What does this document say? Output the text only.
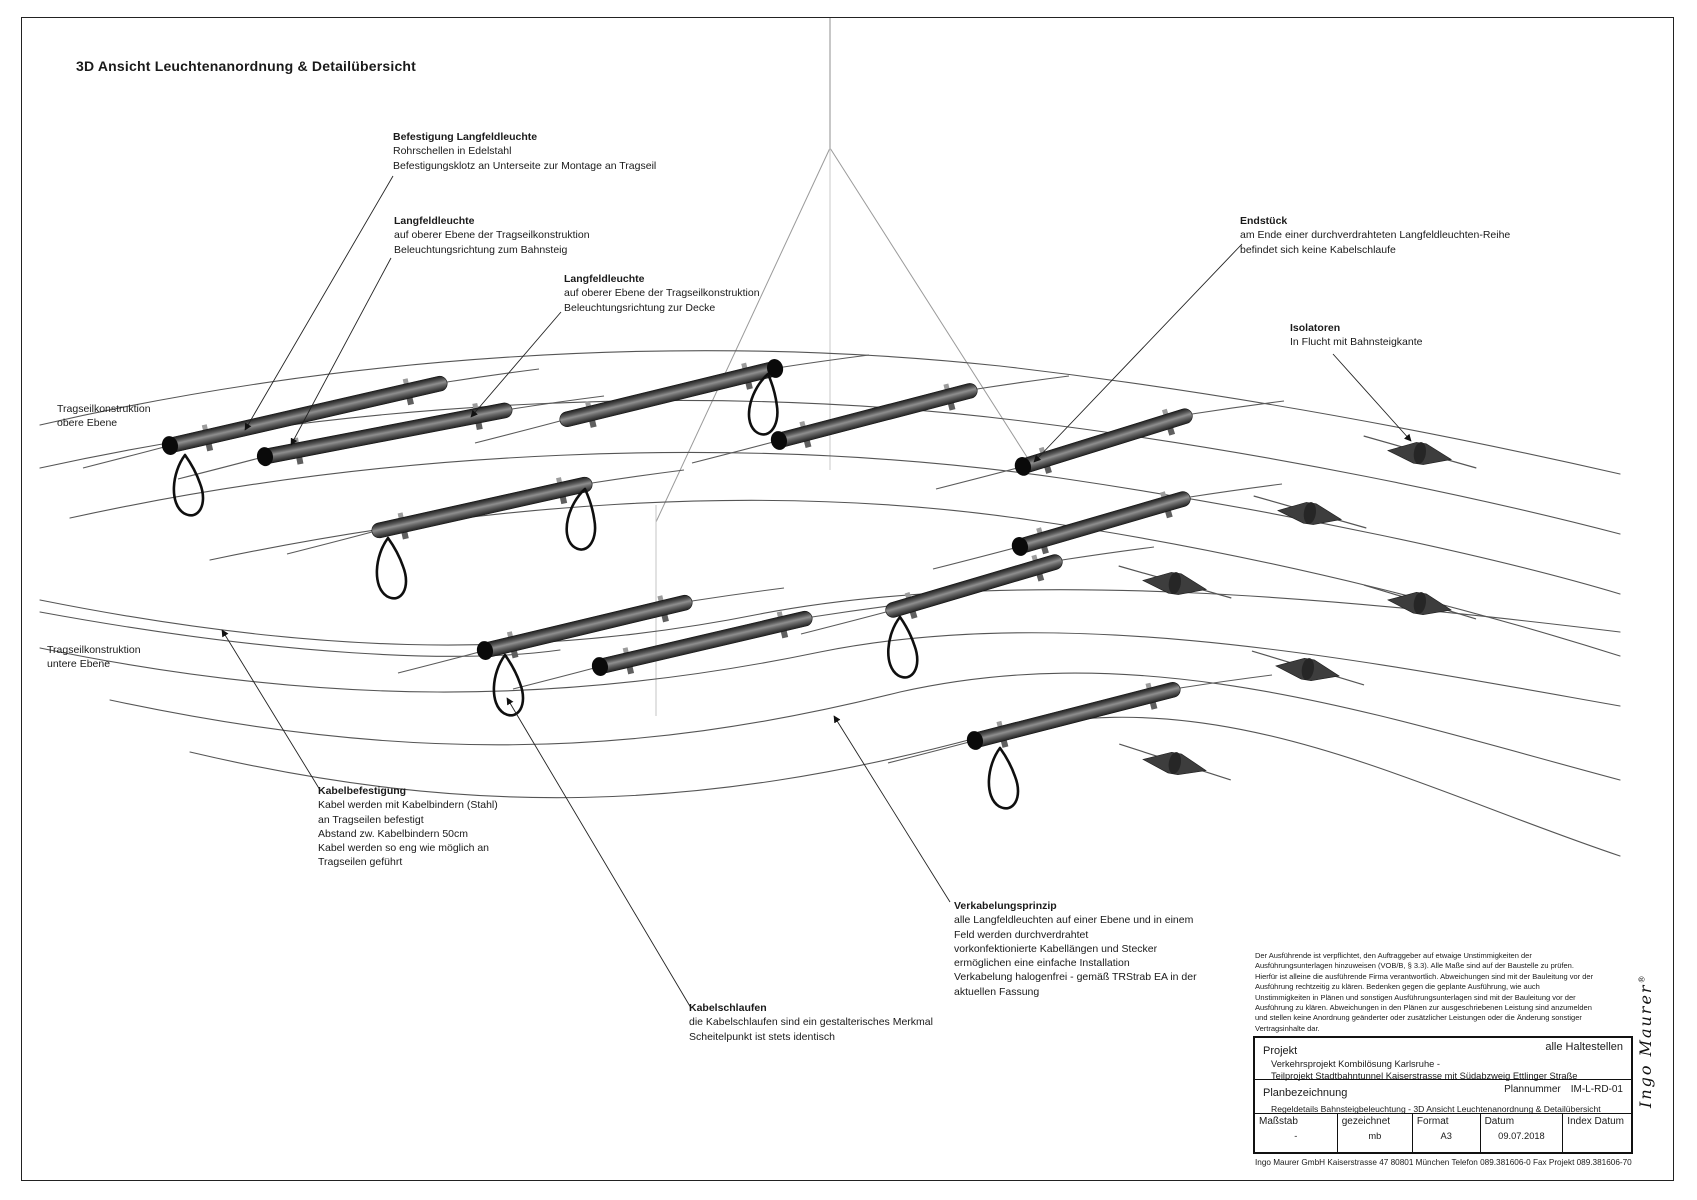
3D Ansicht Leuchtenanordnung & Detailübersicht
Befestigung Langfeldleuchte
Rohrschellen in Edelstahl
Befestigungsklotz an Unterseite zur Montage an Tragseil
Langfeldleuchte
auf oberer Ebene der Tragseilkonstruktion
Beleuchtungsrichtung zum Bahnsteig
Langfeldleuchte
auf oberer Ebene der Tragseilkonstruktion
Beleuchtungsrichtung zur Decke
Endstück
am Ende einer durchverdrahteten Langfeldleuchten-Reihe
befindet sich keine Kabelschlaufe
Isolatoren
In Flucht mit Bahnsteigkante
Kabelbefestigung
Kabel werden mit Kabelbindern (Stahl)
an Tragseilen befestigt
Abstand zw. Kabelbindern 50cm
Kabel werden so eng wie möglich an
Tragseilen geführt
Kabelschlaufen
die Kabelschlaufen sind ein gestalterisches Merkmal
Scheitelpunkt ist stets identisch
Verkabelungsprinzip
alle Langfeldleuchten auf einer Ebene und in einem
Feld werden durchverdrahtet
vorkonfektionierte Kabellängen und Stecker
ermöglichen eine einfache Installation
Verkabelung halogenfrei - gemäß TRStrab EA in der
aktuellen Fassung
Tragseilkonstruktion
obere Ebene
Tragseilkonstruktion
untere Ebene
Der Ausführende ist verpflichtet, den Auftraggeber auf etwaige Unstimmigkeiten der
Ausführungsunterlagen hinzuweisen (VOB/B, § 3.3). Alle Maße sind auf der Baustelle zu prüfen.
Hierfür ist alleine die ausführende Firma verantwortlich. Abweichungen sind mit der Bauleitung vor der
Ausführung rechtzeitig zu klären. Bedenken gegen die geplante Ausführung, wie auch
Unstimmigkeiten in Plänen und sonstigen Ausführungsunterlagen sind mit der Bauleitung vor der
Ausführung zu klären. Abweichungen in den Plänen zur ausgeschriebenen Leistung sind anzumelden
und stellen keine Anordnung geänderter oder zusätzlicher Leistungen oder die Änderung sonstiger
Vertragsinhalte dar.
Projekt	alle Haltestellen
Verkehrsprojekt Kombilösung Karlsruhe -
Teilprojekt Stadtbahntunnel Kaiserstrasse mit Südabzweig Ettlinger Straße
Planbezeichnung	Plannummer IM-L-RD-01
Regeldetails Bahnsteigbeleuchtung - 3D Ansicht Leuchtenanordnung & Detailübersicht
Maßstab
-
gezeichnet
mb
Format
A3
Datum
09.07.2018
Index Datum
Ingo Maurer GmbH Kaiserstrasse 47 80801 München Telefon 089.381606-0 Fax Projekt 089.381606-70
Ingo Maurer®
